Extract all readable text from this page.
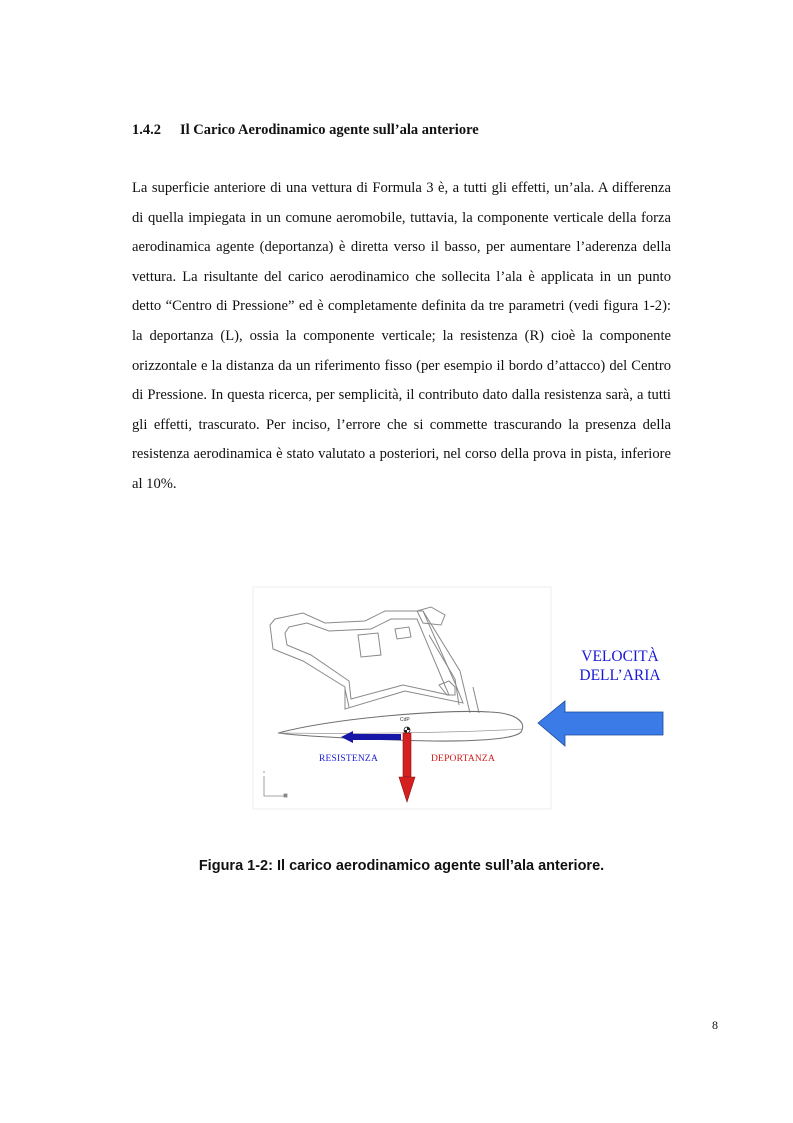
1.4.2 Il Carico Aerodinamico agente sull’ala anteriore
La superficie anteriore di una vettura di Formula 3 è, a tutti gli effetti, un’ala. A differenza di quella impiegata in un comune aeromobile, tuttavia, la componente verticale della forza aerodinamica agente (deportanza) è diretta verso il basso, per aumentare l’aderenza della vettura. La risultante del carico aerodinamico che sollecita l’ala è applicata in un punto detto “Centro di Pressione” ed è completamente definita da tre parametri (vedi figura 1-2): la deportanza (L), ossia la componente verticale; la resistenza (R) cioè la componente orizzontale e la distanza da un riferimento fisso (per esempio il bordo d’attacco) del Centro di Pressione. In questa ricerca, per semplicità, il contributo dato dalla resistenza sarà, a tutti gli effetti, trascurato. Per inciso, l’errore che si commette trascurando la presenza della resistenza aerodinamica è stato valutato a posteriori, nel corso della prova in pista, inferiore al 10%.
VELOCITÀ
DELL’ARIA
CdP
RESISTENZA	DEPORTANZA
Figura 1-2: Il carico aerodinamico agente sull’ala anteriore.
8
